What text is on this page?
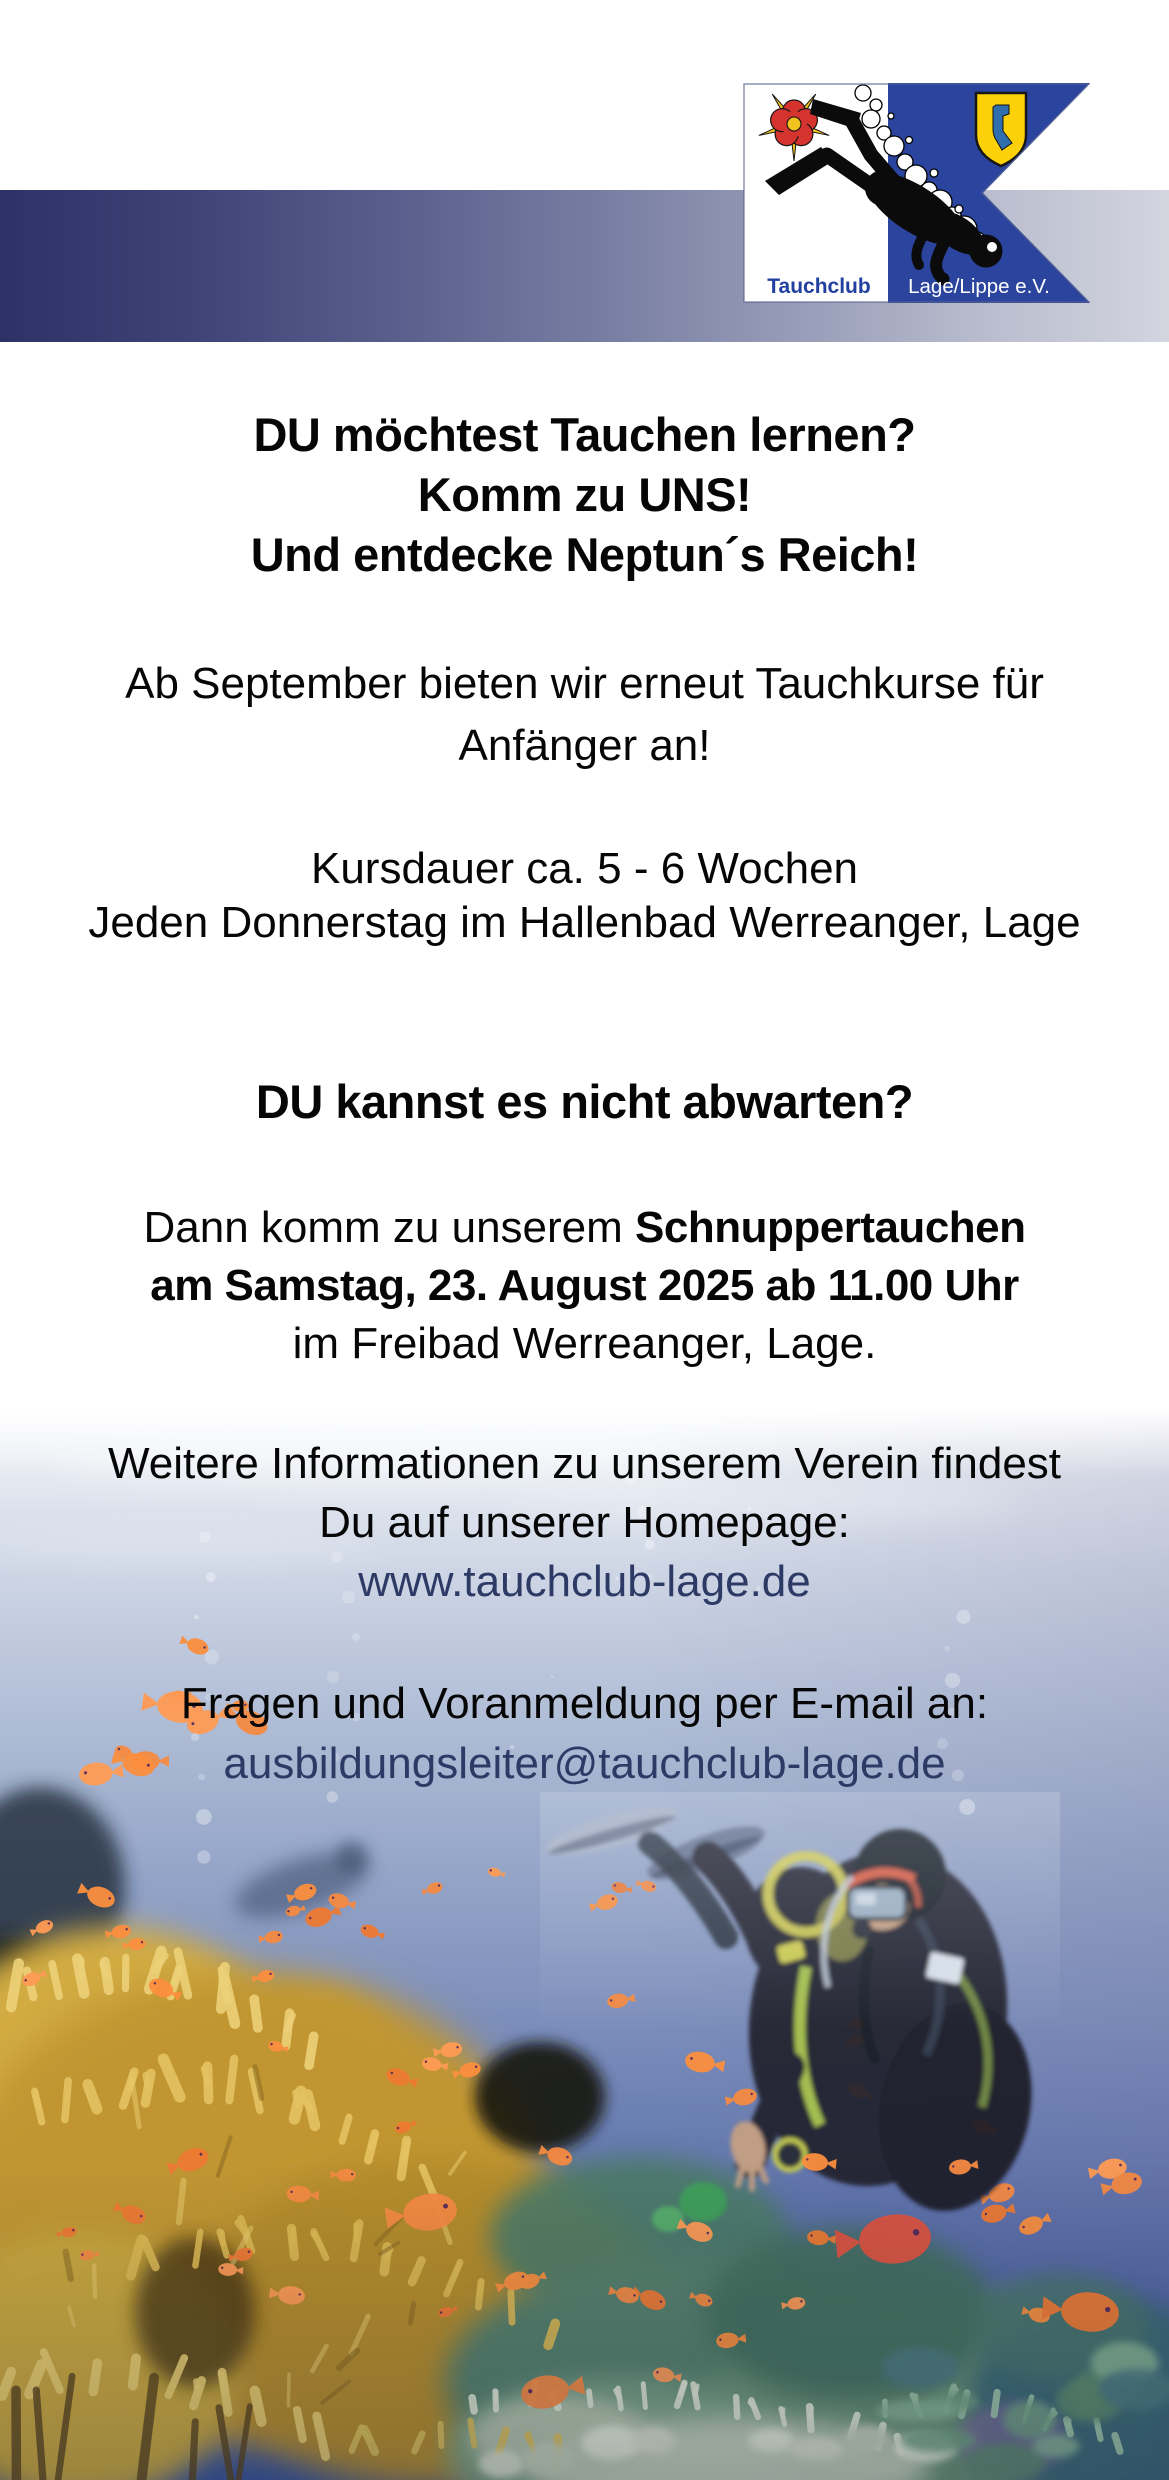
Tauchclub Lage/Lippe e.V.
DU möchtest Tauchen lernen?
Komm zu UNS!
Und entdecke Neptun´s Reich!
Ab September bieten wir erneut Tauchkurse für
Anfänger an!
Kursdauer ca. 5 - 6 Wochen
Jeden Donnerstag im Hallenbad Werreanger, Lage
DU kannst es nicht abwarten?
Dann komm zu unserem Schnuppertauchen
am Samstag, 23. August 2025 ab 11.00 Uhr
im Freibad Werreanger, Lage.
Weitere Informationen zu unserem Verein findest
Du auf unserer Homepage:
www.tauchclub-lage.de
Fragen und Voranmeldung per E-mail an:
ausbildungsleiter@tauchclub-lage.de
